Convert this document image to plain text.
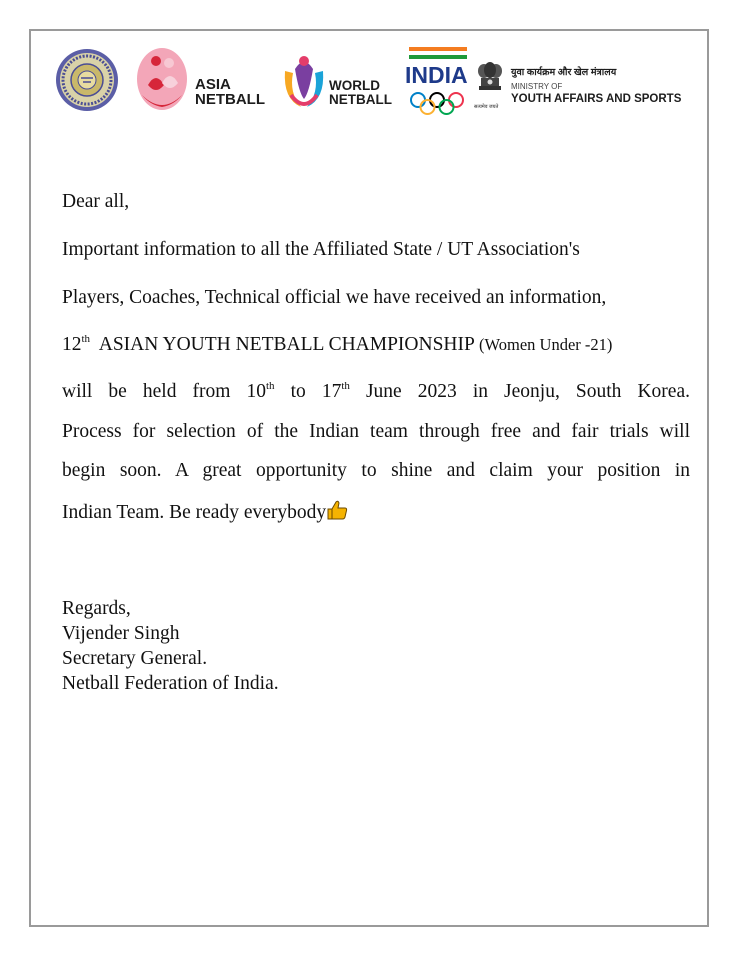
ASIA
NETBALL
WORLD
NETBALL
INDIA
सत्यमेव जयते
युवा कार्यक्रम और खेल मंत्रालय
MINISTRY OF
YOUTH AFFAIRS AND SPORTS

Dear all,

Important information to all the Affiliated State / UT Association's

Players, Coaches, Technical official we have received an information,

12th ASIAN YOUTH NETBALL CHAMPIONSHIP (Women Under -21)

will be held from 10th to 17th June 2023 in Jeonju, South Korea.

Process for selection of the Indian team through free and fair trials will

begin soon. A great opportunity to shine and claim your position in

Indian Team. Be ready everybody

Regards,

Vijender Singh

Secretary General.

Netball Federation of India.
